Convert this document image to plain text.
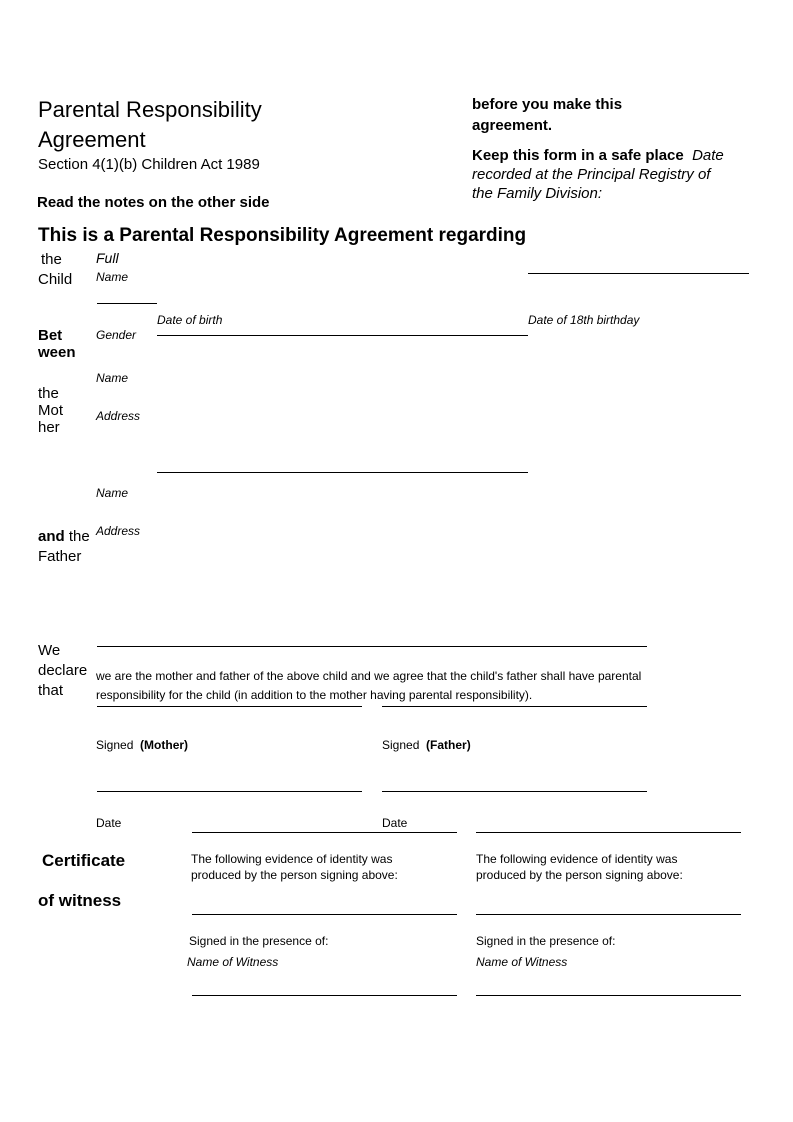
Parental Responsibility
Agreement
Section 4(1)(b) Children Act 1989
Read the notes on the other side
before you make this
agreement.
Keep this form in a safe place Date
recorded at the Principal Registry of
the Family Division:
This is a Parental Responsibility Agreement regarding
the
Child
Full
Name
Date of birth	Date of 18th birthday
Gender
Bet
ween
the
Mot
her
Name
Address
Name
Address
and the
Father
We
declare
that
we are the mother and father of the above child and we agree that the child's father shall have parental
responsibility for the child (in addition to the mother having parental responsibility).
Signed (Mother)	Signed (Father)
Date	Date
Certificate
of witness
The following evidence of identity was
produced by the person signing above:
The following evidence of identity was
produced by the person signing above:
Signed in the presence of:	Signed in the presence of:
Name of Witness	Name of Witness
